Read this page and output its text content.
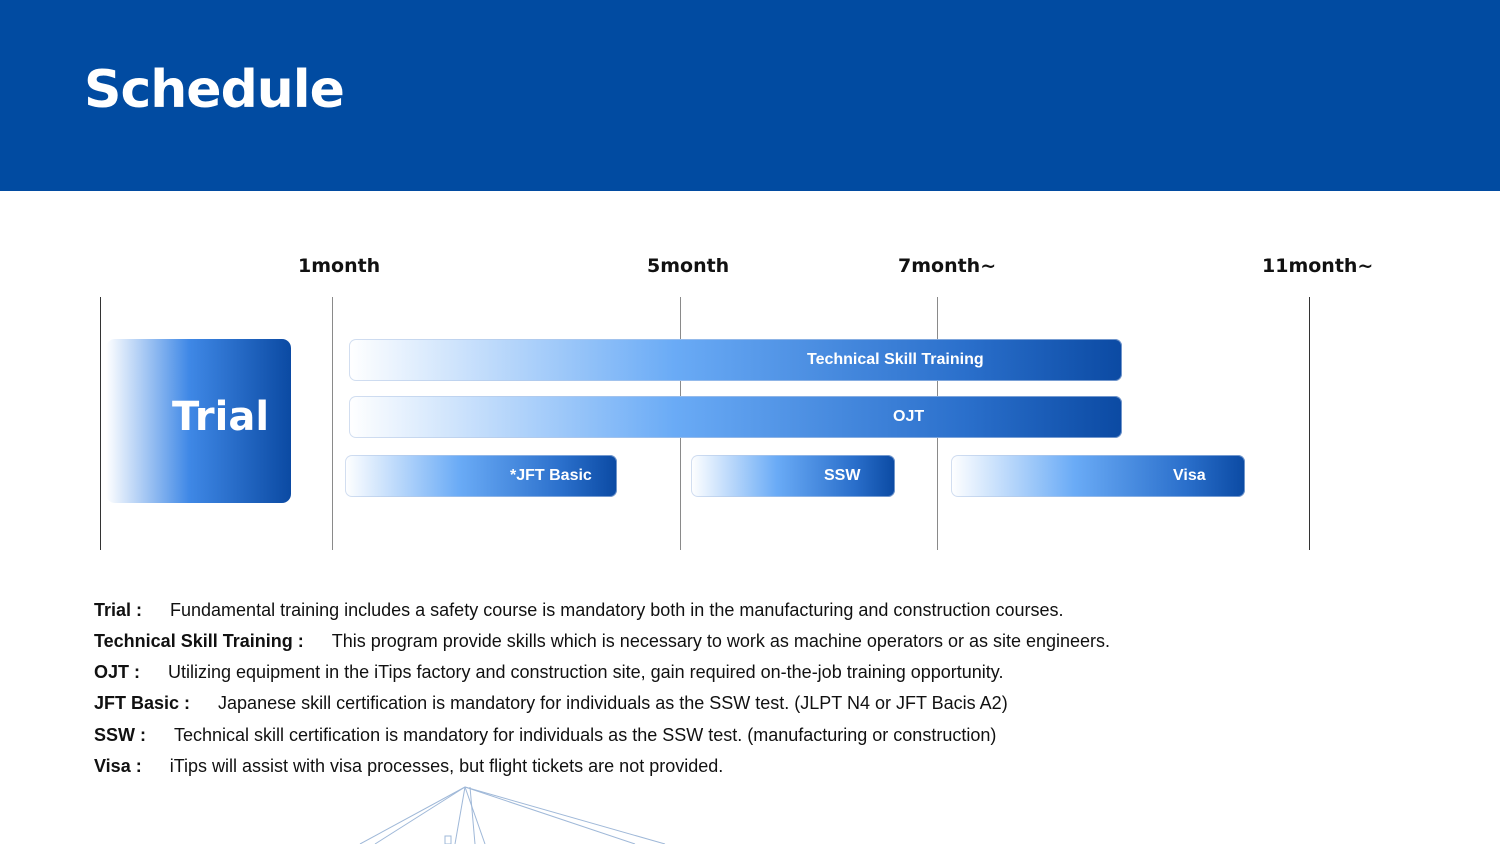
Schedule
1month	5month	7month~	11month~
Trial
Technical Skill Training
OJT
*JFT Basic	SSW	Visa
Trial : Fundamental training includes a safety course is mandatory both in the manufacturing and construction courses.
Technical Skill Training : This program provide skills which is necessary to work as machine operators or as site engineers.
OJT : Utilizing equipment in the iTips factory and construction site, gain required on-the-job training opportunity.
JFT Basic : Japanese skill certification is mandatory for individuals as the SSW test. (JLPT N4 or JFT Bacis A2)
SSW : Technical skill certification is mandatory for individuals as the SSW test. (manufacturing or construction)
Visa : iTips will assist with visa processes, but flight tickets are not provided.
